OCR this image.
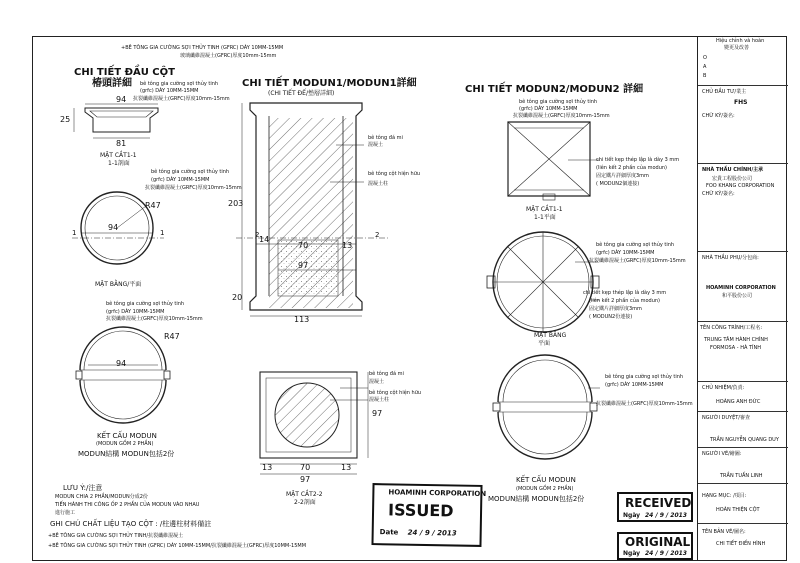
+BÊ TÔNG GIA CƯỜNG SỢI THỦY TINH (GFRC) DÀY 10MM-15MM
玻璃纖維混凝土(GFRC)厚度10mm-15mm
CHI TIẾT ĐẦU CỘT
椿頭詳細 bê tông gia cường sợi thủy tinh
(grfc) DÀY 10MM-15MM
抗裂纖維混凝土(GRFC)厚度10mm-15mm
94
81
25
MẶT CẮT1-1
1-1剖面
bê tông gia cường sợi thủy tinh
(grfc) DÀY 10MM-15MM
抗裂纖維混凝土(GRFC)厚度10mm-15mm
R47
94
1	1
MẶT BẰNG/平面
bê tông gia cường sợi thủy tinh
(grfc) DÀY 10MM-15MM
抗裂纖維混凝土(GRFC)厚度10mm-15mm
R47
94
KẾT CẤU MODUN
(MODUN GỒM 2 PHẦN)
MODUN結構 MODUN包括2份
CHI TIẾT MODUN1/MODUN1詳細
(CHI TIẾT ĐẾ/墊層詳細)
bê tông đá mi
混凝土
bê tông cột hiện hữu
混凝土柱
203
113
20
14
70	13
97
2	2
bê tông đá mi
混凝土
bê tông cột hiện hữu
混凝土柱
13	70	13
97
97
MẶT CẮT2-2
2-2剖面
CHI TIẾT MODUN2/MODUN2 詳細
bê tông gia cường sợi thủy tinh
(grfc) DÀY 10MM-15MM
抗裂纖維混凝土(GRFC)厚度10mm-15mm
chi tiết kẹp thép lập là dày 3 mm
(liên kết 2 phần của modun)
固定鐵片詳細厚度3mm
( MODUN2個連接)
MẶT CẮT1-1
1-1平面
bê tông gia cường sợi thủy tinh
(grfc) DÀY 10MM-15MM
抗裂纖維混凝土(GRFC)厚度10mm-15mm
chi tiết kẹp thép lập là dày 3 mm
(liên kết 2 phần của modun)
固定鐵片詳細厚度3mm
( MODUN2份連接)
MẶT BẰNG
平面
bê tông gia cường sợi thủy tinh
(grfc) DÀY 10MM-15MM
抗裂纖維混凝土(GRFC)厚度10mm-15mm
KẾT CẤU MODUN
(MODUN GỒM 2 PHẦN)
MODUN結構 MODUN包括2份
LƯU Ý:/注意
MODUN CHIA 2 PHẦN/MODUN分成2份
TIẾN HÀNH THI CÔNG ỐP 2 PHẦN CỦA MODUN VÀO NHAU
進行施工
GHI CHÚ CHẤT LIỆU TẠO CỘT : /柱邊柱材料備註
+BÊ TÔNG GIA CƯỜNG SỢI THỦY TINH/抗裂纖維混凝土
+BÊ TÔNG GIA CƯỜNG SỢI THỦY TINH (GFRC) DÀY 10MM-15MM/抗裂纖維混凝土(GFRC)厚度10MM-15MM
HOAMINH CORPORATION
ISSUED
Date 24 / 9 / 2013
RECEIVED
Ngày 24 / 9 / 2013
ORIGINAL
Ngày 24 / 9 / 2013
Hiệu chỉnh và hoàn
變更及改善
O
A
B
CHỦ ĐẦU TƯ/業主
FHS
CHỮ KÝ/簽名:
NHÀ THẦU CHÍNH/主承
宏貴工程股份公司
FOO KHANG CORPORATION
CHỮ KÝ/簽名:
NHÀ THẦU PHỤ/分包商:
HOAMINH CORPORATION
和平股份公司
TÊN CÔNG TRÌNH/工程名:
TRUNG TÂM HÀNH CHÍNH
FORMOSA - HÀ TĨNH
CHỦ NHIỆM/負責:
HOÀNG ANH ĐỨC
NGƯỜI DUYỆT/審查
TRẦN NGUYỄN QUANG DUY
NGƯỜI VẼ/繪圖:
TRẦN TUẤN LINH
HẠNG MỤC: /項目:
HOÀN THIỆN CỘT
TÊN BẢN VẼ/圖名:
CHI TIẾT ĐIỂN HÌNH
